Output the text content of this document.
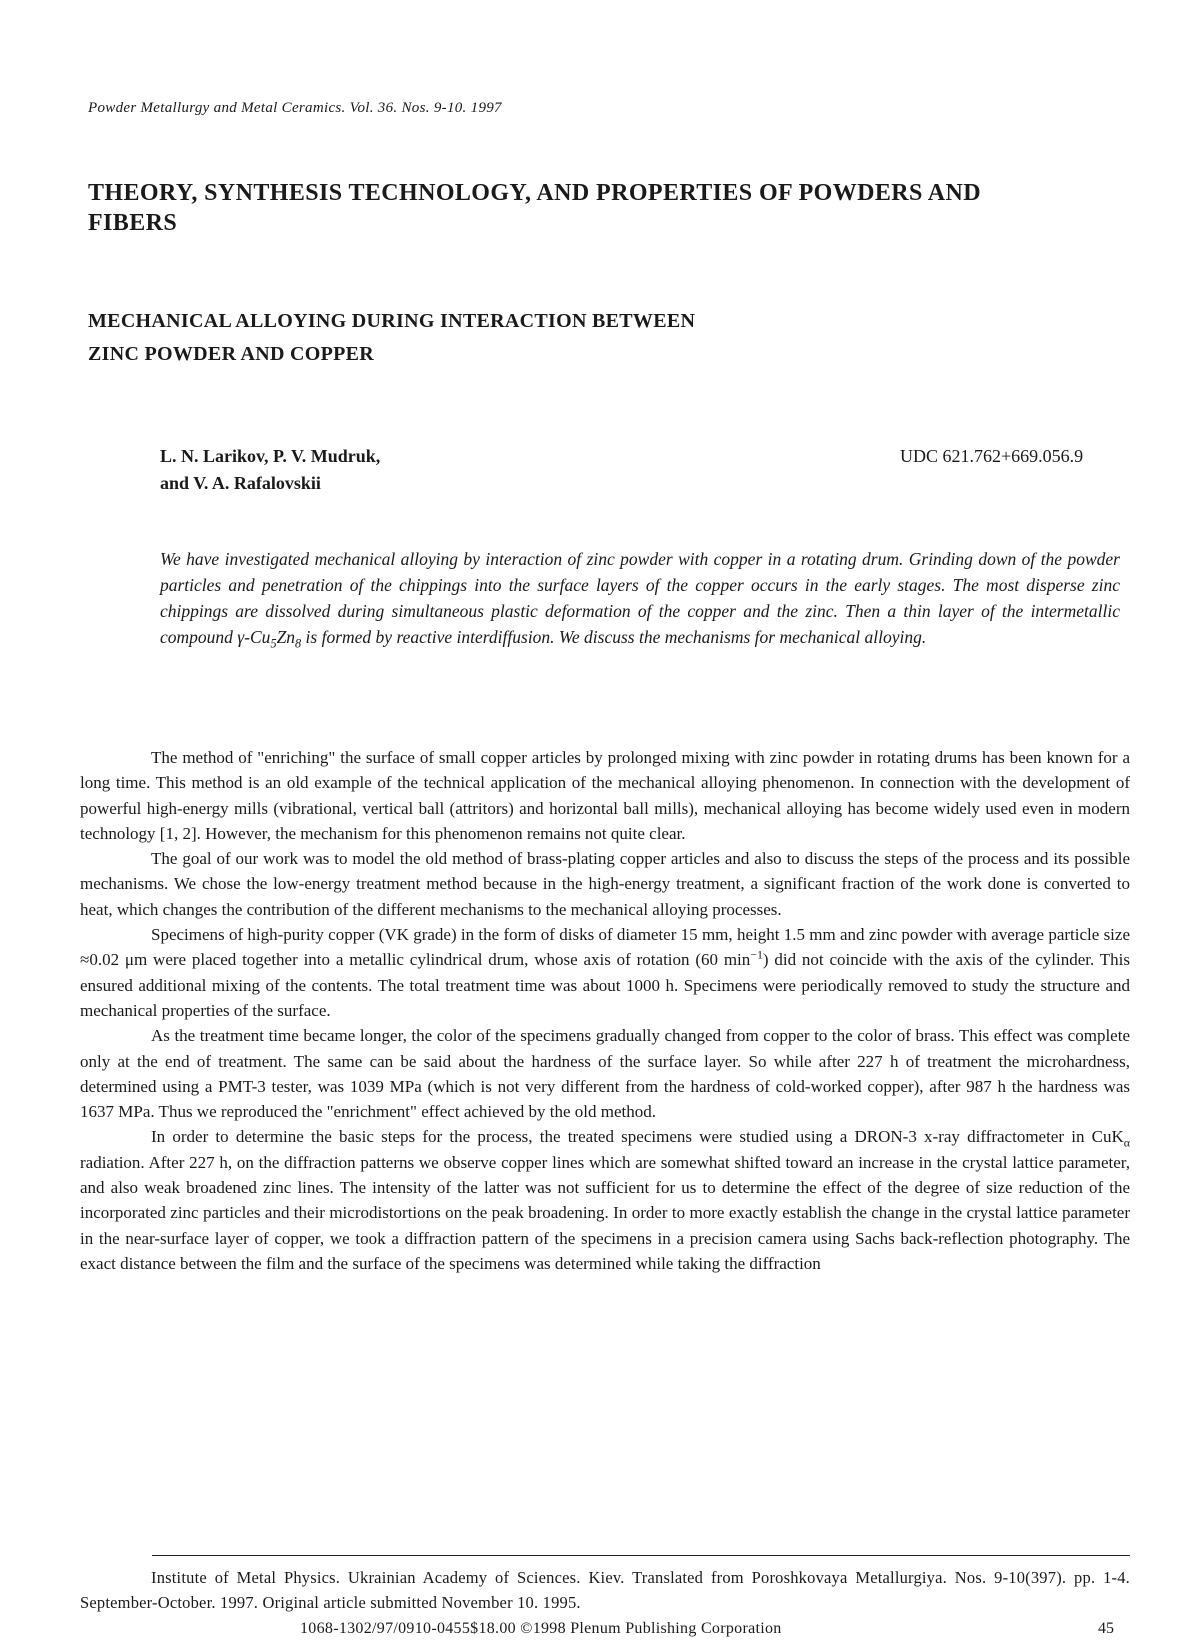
Powder Metallurgy and Metal Ceramics. Vol. 36. Nos. 9-10. 1997
THEORY, SYNTHESIS TECHNOLOGY, AND PROPERTIES OF POWDERS AND FIBERS
MECHANICAL ALLOYING DURING INTERACTION BETWEEN
ZINC POWDER AND COPPER
L. N. Larikov, P. V. Mudruk,
and V. A. Rafalovskii
UDC 621.762+669.056.9
We have investigated mechanical alloying by interaction of zinc powder with copper in a rotating drum. Grinding down of the powder particles and penetration of the chippings into the surface layers of the copper occurs in the early stages. The most disperse zinc chippings are dissolved during simultaneous plastic deformation of the copper and the zinc. Then a thin layer of the intermetallic compound $\gamma-Cu_5Zn_8$ is formed by reactive interdiffusion. We discuss the mechanisms for mechanical alloying.

The method of "enriching" the surface of small copper articles by prolonged mixing with zinc powder in rotating drums has been known for a long time. This method is an old example of the technical application of the mechanical alloying phenomenon. In connection with the development of powerful high-energy mills (vibrational, vertical ball (attritors) and horizontal ball mills), mechanical alloying has become widely used even in modern technology [1, 2]. However, the mechanism for this phenomenon remains not quite clear.

The goal of our work was to model the old method of brass-plating copper articles and also to discuss the steps of the process and its possible mechanisms. We chose the low-energy treatment method because in the high-energy treatment, a significant fraction of the work done is converted to heat, which changes the contribution of the different mechanisms to the mechanical alloying processes.

Specimens of high-purity copper (VK grade) in the form of disks of diameter 15 mm, height 1.5 mm and zinc powder with average particle size ≈0.02 μm were placed together into a metallic cylindrical drum, whose axis of rotation (60 $\min^{-1}$) did not coincide with the axis of the cylinder. This ensured additional mixing of the contents. The total treatment time was about 1000 h. Specimens were periodically removed to study the structure and mechanical properties of the surface.

As the treatment time became longer, the color of the specimens gradually changed from copper to the color of brass. This effect was complete only at the end of treatment. The same can be said about the hardness of the surface layer. So while after 227 h of treatment the microhardness, determined using a PMT-3 tester, was 1039 MPa (which is not very different from the hardness of cold-worked copper), after 987 h the hardness was 1637 MPa. Thus we reproduced the "enrichment" effect achieved by the old method.

In order to determine the basic steps for the process, the treated specimens were studied using a DRON-3 x-ray diffractometer in CuK$_\alpha$ radiation. After 227 h, on the diffraction patterns we observe copper lines which are somewhat shifted toward an increase in the crystal lattice parameter, and also weak broadened zinc lines. The intensity of the latter was not sufficient for us to determine the effect of the degree of size reduction of the incorporated zinc particles and their microdistortions on the peak broadening. In order to more exactly establish the change in the crystal lattice parameter in the near-surface layer of copper, we took a diffraction pattern of the specimens in a precision camera using Sachs back-reflection photography. The exact distance between the film and the surface of the specimens was determined while taking the diffraction

Institute of Metal Physics. Ukrainian Academy of Sciences. Kiev. Translated from Poroshkovaya Metallurgiya. Nos. 9-10(397). pp. 1-4. September-October. 1997. Original article submitted November 10. 1995.
1068-1302/97/0910-0455$18.00 ©1998 Plenum Publishing Corporation	45
